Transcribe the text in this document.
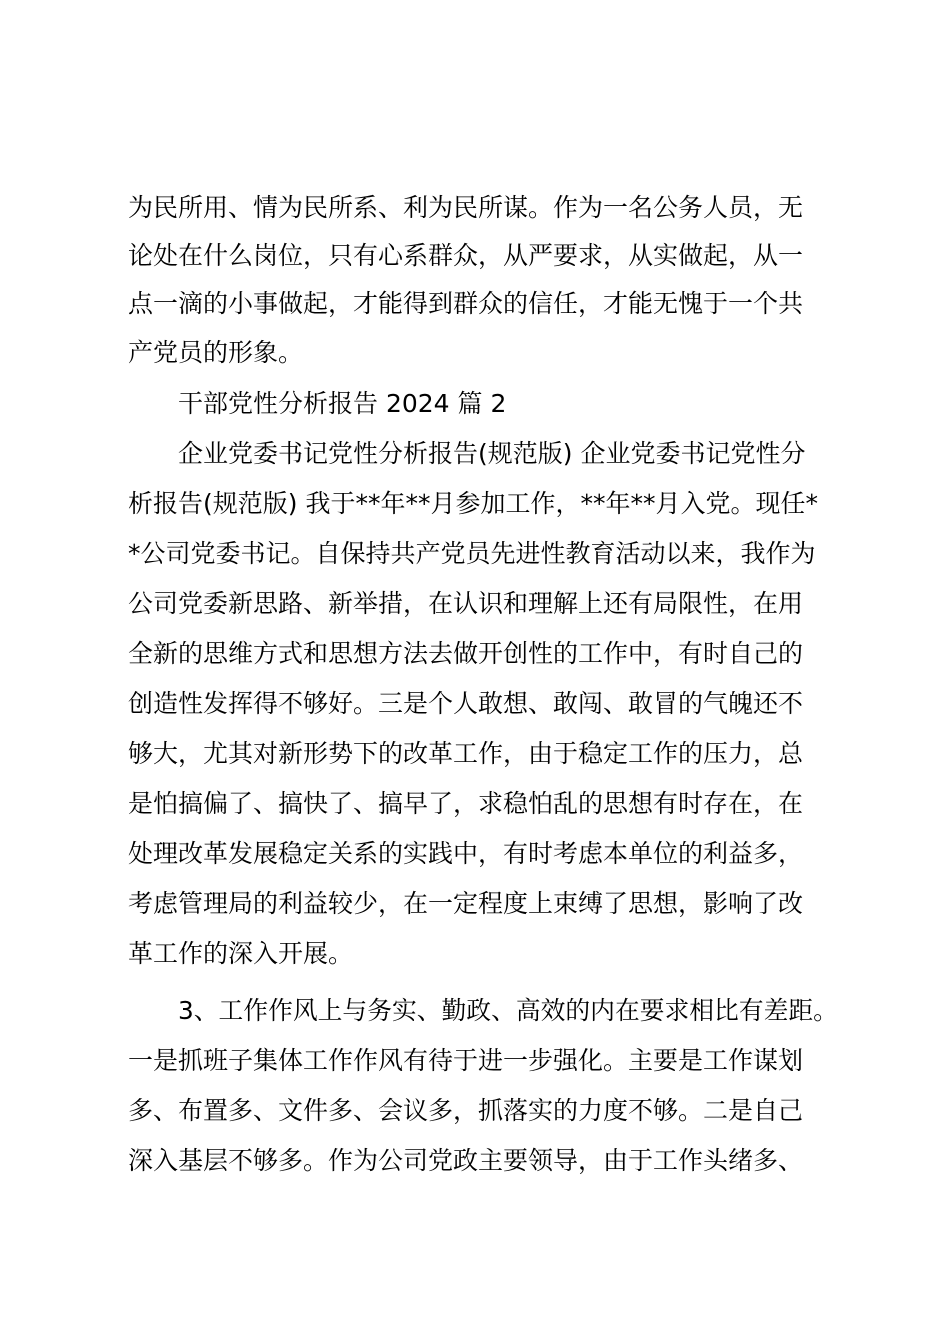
为民所用、情为民所系、利为民所谋。作为一名公务人员，无

论处在什么岗位，只有心系群众，从严要求，从实做起，从一

点一滴的小事做起，才能得到群众的信任，才能无愧于一个共

产党员的形象。

干部党性分析报告 2024 篇 2

企业党委书记党性分析报告(规范版) 企业党委书记党性分

析报告(规范版) 我于**年**月参加工作，**年**月入党。现任*

*公司党委书记。自保持共产党员先进性教育活动以来，我作为

公司党委新思路、新举措，在认识和理解上还有局限性，在用

全新的思维方式和思想方法去做开创性的工作中，有时自己的

创造性发挥得不够好。三是个人敢想、敢闯、敢冒的气魄还不

够大，尤其对新形势下的改革工作，由于稳定工作的压力，总

是怕搞偏了、搞快了、搞早了，求稳怕乱的思想有时存在，在

处理改革发展稳定关系的实践中，有时考虑本单位的利益多，

考虑管理局的利益较少，在一定程度上束缚了思想，影响了改

革工作的深入开展。

3、工作作风上与务实、勤政、高效的内在要求相比有差距。

一是抓班子集体工作作风有待于进一步强化。主要是工作谋划

多、布置多、文件多、会议多，抓落实的力度不够。二是自己

深入基层不够多。作为公司党政主要领导，由于工作头绪多、
